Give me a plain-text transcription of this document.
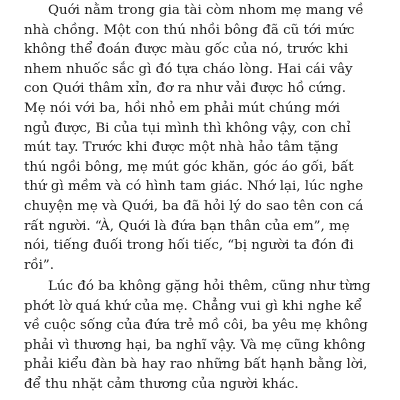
Quới nằm trong gia tài còm nhom mẹ mang về
nhà chồng. Một con thú nhồi bông đã cũ tới mức
không thể đoán được màu gốc của nó, trước khi
nhem nhuốc sắc gì đó tựa cháo lòng. Hai cái vây
con Quới thâm xỉn, đơ ra như vải được hồ cứng.
Mẹ nói với ba, hồi nhỏ em phải mút chúng mới
ngủ được, Bi của tụi mình thì không vậy, con chỉ
mút tay. Trước khi được một nhà hảo tâm tặng
thú ngồi bông, mẹ mút góc khăn, góc áo gối, bất
thứ gì mềm và có hình tam giác. Nhớ lại, lúc nghe
chuyện mẹ và Quới, ba đã hỏi lý do sao tên con cá
rất người. “À, Quới là đứa bạn thân của em”, mẹ
nói, tiếng đuối trong hối tiếc, “bị người ta đón đi
rồi”.
Lúc đó ba không gặng hỏi thêm, cũng như từng
phớt lờ quá khứ của mẹ. Chẳng vui gì khi nghe kể
về cuộc sống của đứa trẻ mồ côi, ba yêu mẹ không
phải vì thương hại, ba nghĩ vậy. Và mẹ cũng không
phải kiểu đàn bà hay rao những bất hạnh bằng lời,
để thu nhặt cảm thương của người khác.
